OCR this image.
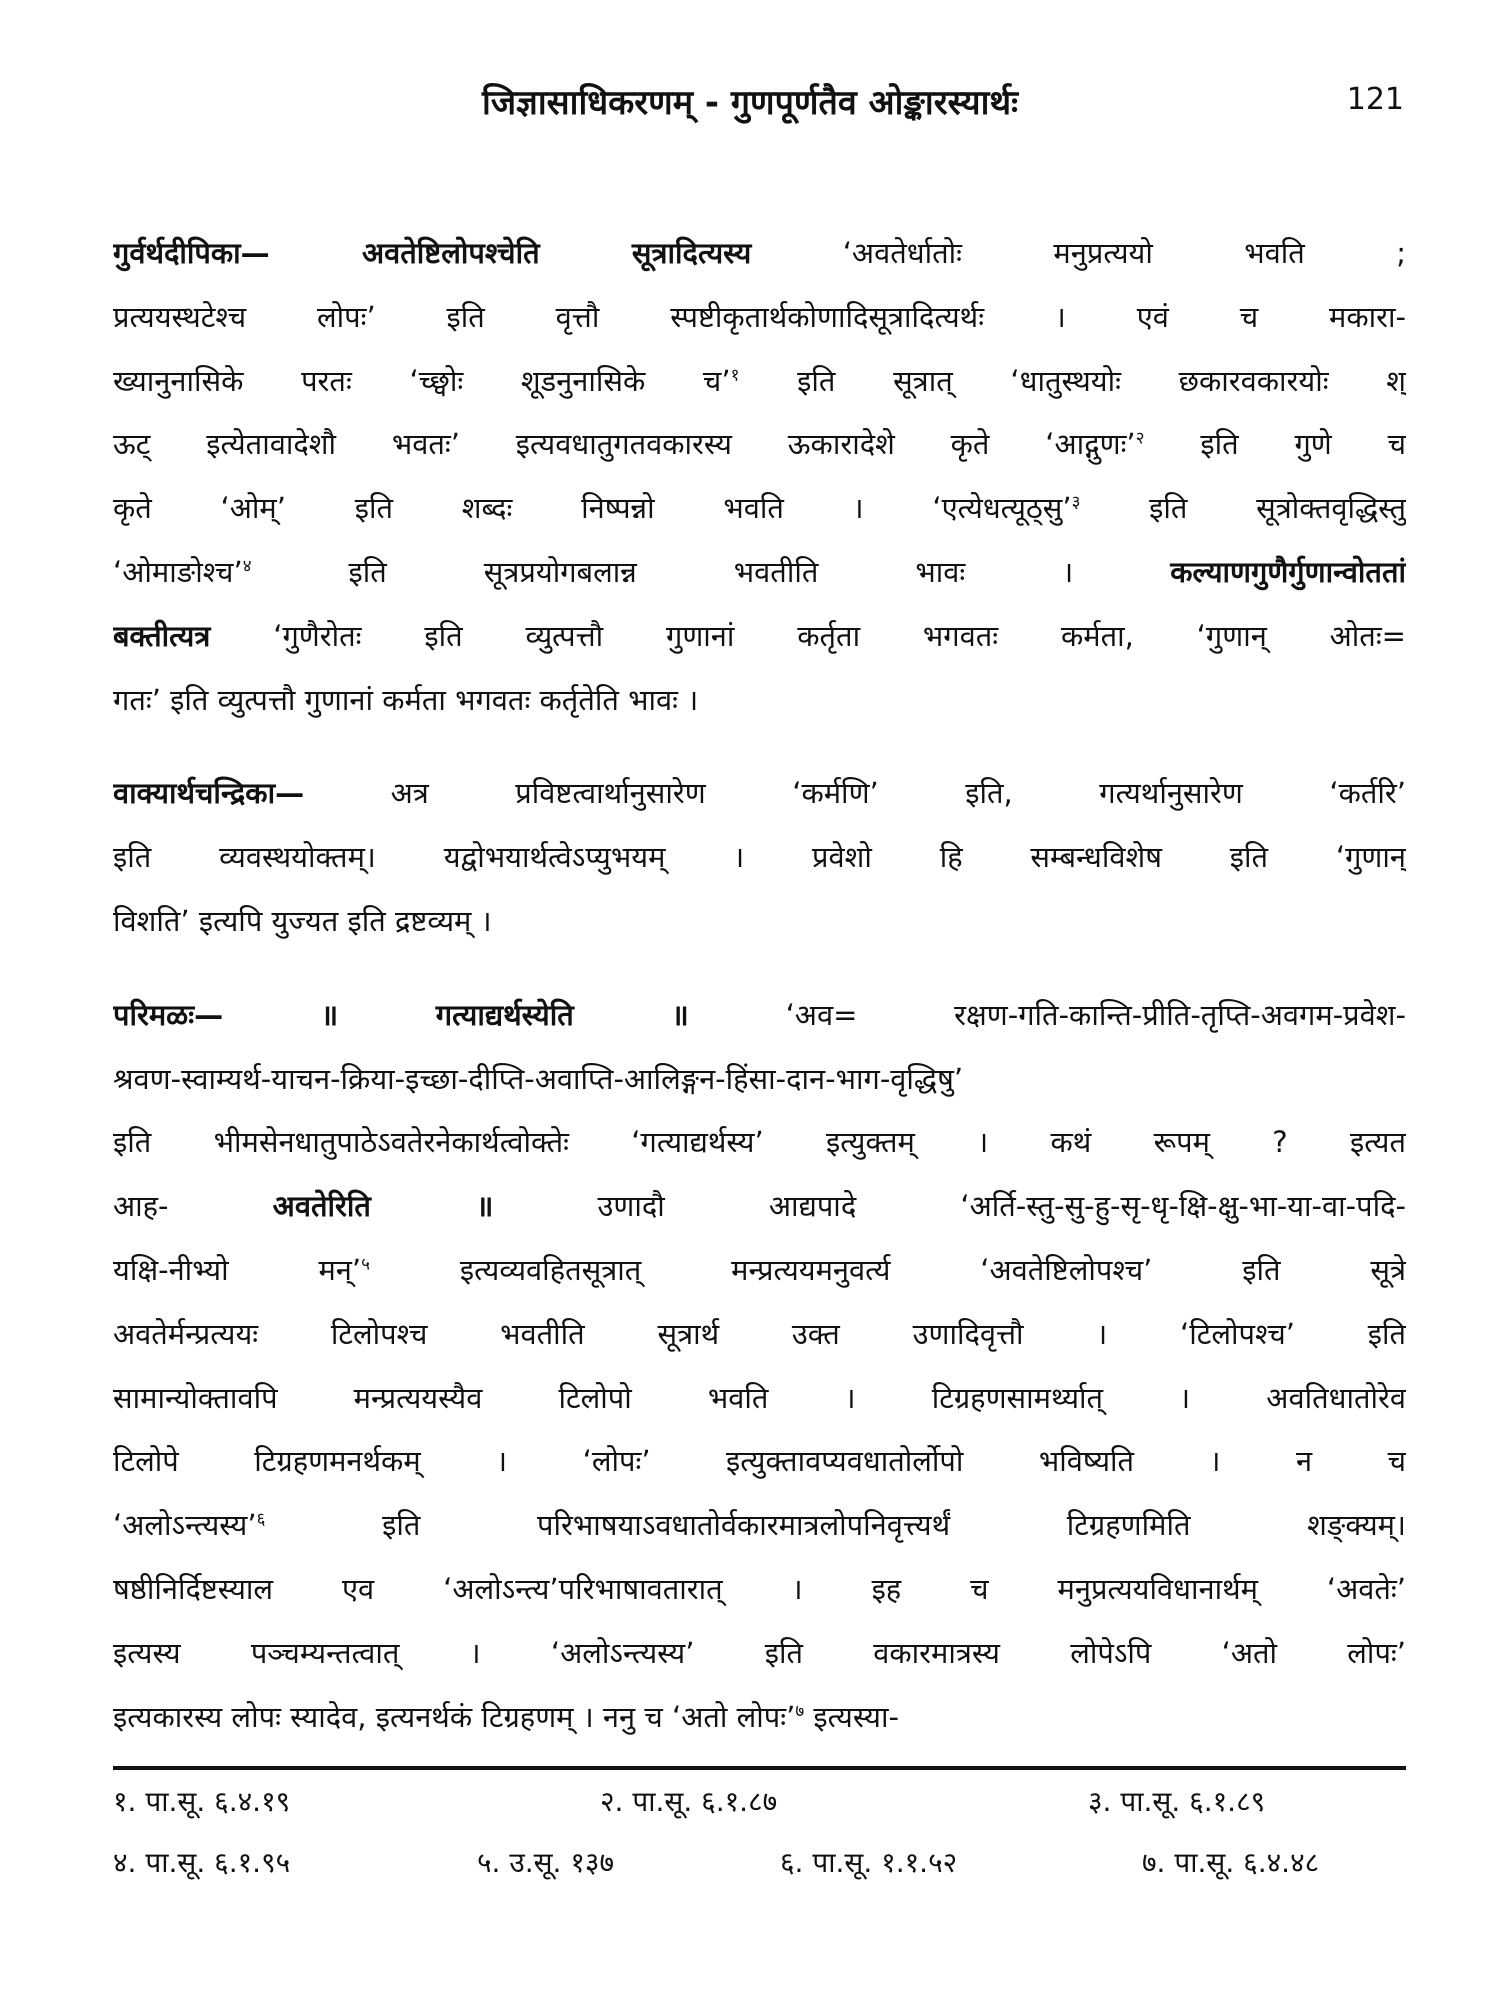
जिज्ञासाधिकरणम् - गुणपूर्णतैव ओङ्कारस्यार्थः	121
गुर्वर्थदीपिका— अवतेष्टिलोपश्चेति सूत्रादित्यस्य ‘अवतेर्धातोः मनुप्रत्ययो भवति ;
प्रत्ययस्थटेश्च लोपः’ इति वृत्तौ स्पष्टीकृतार्थकोणादिसूत्रादित्यर्थः । एवं च मकारा-
ख्यानुनासिके परतः ‘च्छ्वोः शूडनुनासिके च’$^१$ इति सूत्रात् ‘धातुस्थयोः छकारवकारयोः श्
ऊट् इत्येतावादेशौ भवतः’ इत्यवधातुगतवकारस्य ऊकारादेशे कृते ‘आद्गुणः’$^२$ इति गुणे च
कृते ‘ओम्’ इति शब्दः निष्पन्नो भवति । ‘एत्येधत्यूठ्सु’$^३$ इति सूत्रोक्तवृद्धिस्तु
‘ओमाङोश्च’$^४$ इति सूत्रप्रयोगबलान्न भवतीति भावः । कल्याणगुणैर्गुणान्वोततां
बक्तीत्यत्र ‘गुणैरोतः इति व्युत्पत्तौ गुणानां कर्तृता भगवतः कर्मता, ‘गुणान् ओतः=
गतः’ इति व्युत्पत्तौ गुणानां कर्मता भगवतः कर्तृतेति भावः ।
वाक्यार्थचन्द्रिका— अत्र प्रविष्टत्वार्थानुसारेण ‘कर्मणि’ इति, गत्यर्थानुसारेण ‘कर्तरि’
इति व्यवस्थयोक्तम्। यद्वोभयार्थत्वेऽप्युभयम् । प्रवेशो हि सम्बन्धविशेष इति ‘गुणान्
विशति’ इत्यपि युज्यत इति द्रष्टव्यम् ।
परिमळः— ॥ गत्याद्यर्थस्येति ॥ ‘अव= रक्षण-गति-कान्ति-प्रीति-तृप्ति-अवगम-प्रवेश-
श्रवण-स्वाम्यर्थ-याचन-क्रिया-इच्छा-दीप्ति-अवाप्ति-आलिङ्गन-हिंसा-दान-भाग-वृद्धिषु’
इति भीमसेनधातुपाठेऽवतेरनेकार्थत्वोक्तेः ‘गत्याद्यर्थस्य’ इत्युक्तम् । कथं रूपम् ? इत्यत
आह- अवतेरिति ॥ उणादौ आद्यपादे ‘अर्ति-स्तु-सु-हु-सृ-धृ-क्षि-क्षु-भा-या-वा-पदि-
यक्षि-नीभ्यो मन्’$^५$ इत्यव्यवहितसूत्रात् मन्प्रत्ययमनुवर्त्य ‘अवतेष्टिलोपश्च’ इति सूत्रे
अवतेर्मन्प्रत्ययः टिलोपश्च भवतीति सूत्रार्थ उक्त उणादिवृत्तौ । ‘टिलोपश्च’ इति
सामान्योक्तावपि मन्प्रत्ययस्यैव टिलोपो भवति । टिग्रहणसामर्थ्यात् । अवतिधातोरेव
टिलोपे टिग्रहणमनर्थकम् । ‘लोपः’ इत्युक्तावप्यवधातोर्लोपो भविष्यति । न च
‘अलोऽन्त्यस्य’$^६$ इति परिभाषयाऽवधातोर्वकारमात्रलोपनिवृत्त्यर्थं टिग्रहणमिति शङ्क्यम्।
षष्ठीनिर्दिष्टस्याल एव ‘अलोऽन्त्य’परिभाषावतारात् । इह च मनुप्रत्ययविधानार्थम् ‘अवतेः’
इत्यस्य पञ्चम्यन्तत्वात् । ‘अलोऽन्त्यस्य’ इति वकारमात्रस्य लोपेऽपि ‘अतो लोपः’
इत्यकारस्य लोपः स्यादेव, इत्यनर्थकं टिग्रहणम् । ननु च ‘अतो लोपः’$^७$ इत्यस्या-
१. पा.सू. ६.४.१९	२. पा.सू. ६.१.८७	३. पा.सू. ६.१.८९
४. पा.सू. ६.१.९५	५. उ.सू. १३७	६. पा.सू. १.१.५२	७. पा.सू. ६.४.४८
